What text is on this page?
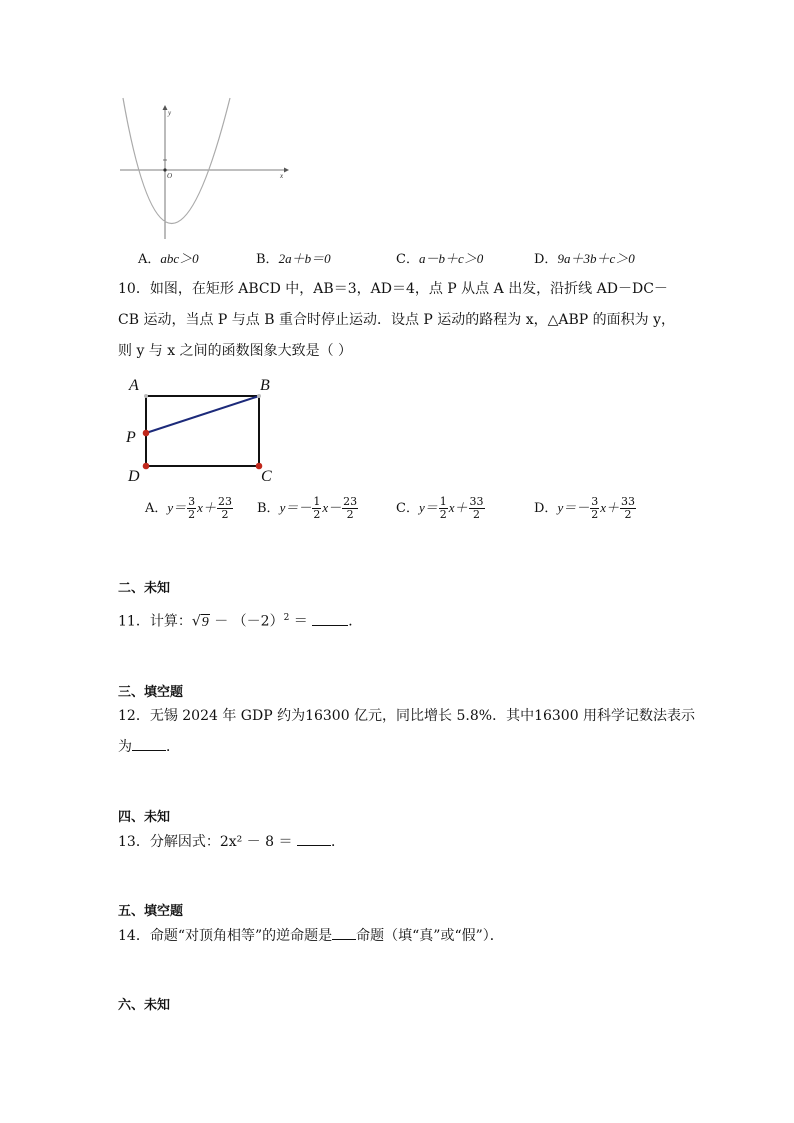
y
x
O
A．abc＞0	B．2a＋b＝0	C．a－b＋c＞0	D．9a＋3b＋c＞0
10．如图，在矩形 ABCD 中，AB＝3，AD＝4，点 P 从点 A 出发，沿折线 AD－DC－
CB 运动，当点 P 与点 B 重合时停止运动．设点 P 运动的路程为 x，△ABP 的面积为 y，
则 y 与 x 之间的函数图象大致是（ ）
A	B
P
D	C
A．$y= \frac{3}{2} x+ \frac{23}{2}$ B．$y=- \frac{1}{2} x- \frac{23}{2}$	C．$y= \frac{1}{2} x+ \frac{33}{2}$	D．$y=- \frac{3}{2} x+ \frac{33}{2}$
二、未知
11．计算：$√9 - (-2)^2$ ＝	．
三、填空题
12．无锡 2024 年 GDP 约为16300 亿元，同比增长 5.8%．其中16300 用科学记数法表示
为 ．
四、未知
13．分解因式：2x² － 8 ＝ ．
五、填空题
14．命题“对顶角相等”的逆命题是 命题（填“真”或“假”）．
六、未知
